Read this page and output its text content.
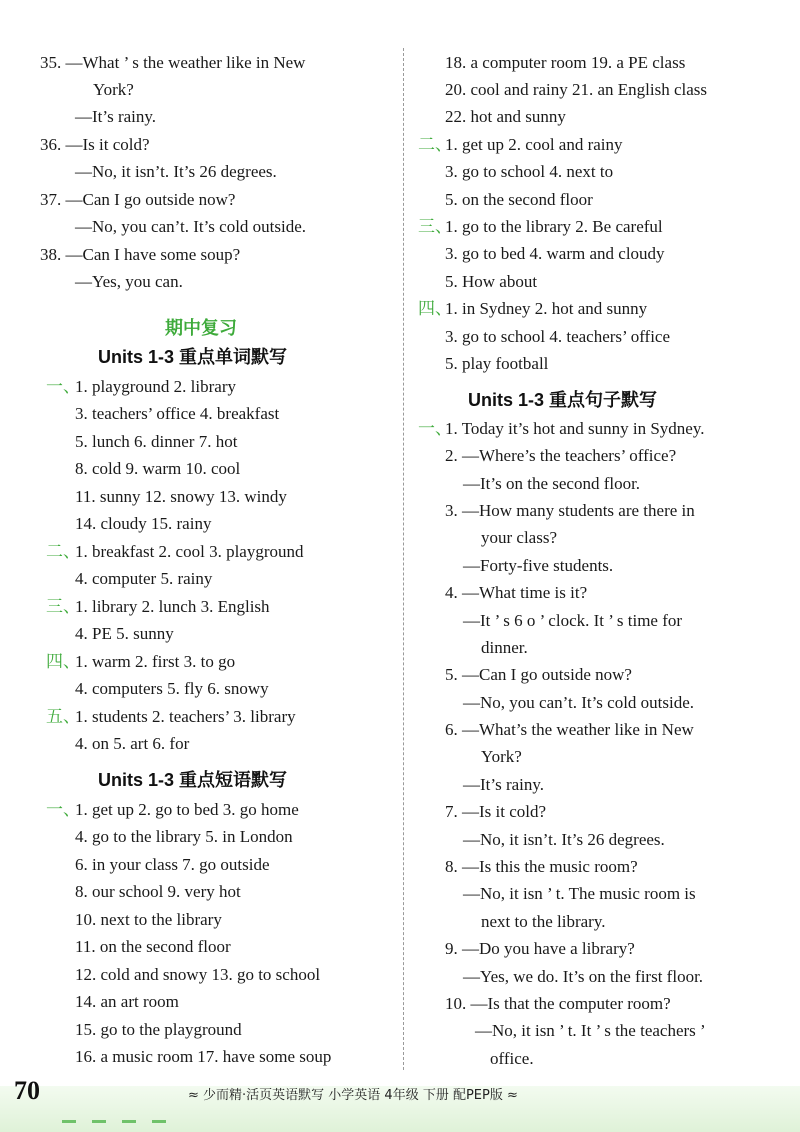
35. —What ’ s the weather like in New
York?
—It’s rainy.
36. —Is it cold?
—No, it isn’t. It’s 26 degrees.
37. —Can I go outside now?
—No, you can’t. It’s cold outside.
38. —Can I have some soup?
—Yes, you can.
期中复习
Units 1-3 重点单词默写
一、
1. playground 2. library
3. teachers’ office 4. breakfast
5. lunch 6. dinner 7. hot
8. cold 9. warm 10. cool
11. sunny 12. snowy 13. windy
14. cloudy 15. rainy
二、
1. breakfast 2. cool 3. playground
4. computer 5. rainy
三、
1. library 2. lunch 3. English
4. PE 5. sunny
四、
1. warm 2. first 3. to go
4. computers 5. fly 6. snowy
五、
1. students 2. teachers’ 3. library
4. on 5. art 6. for
Units 1-3 重点短语默写
一、
1. get up 2. go to bed 3. go home
4. go to the library 5. in London
6. in your class 7. go outside
8. our school 9. very hot
10. next to the library
11. on the second floor
12. cold and snowy 13. go to school
14. an art room
15. go to the playground
16. a music room 17. have some soup
18. a computer room 19. a PE class
20. cool and rainy 21. an English class
22. hot and sunny
二、
1. get up 2. cool and rainy
3. go to school 4. next to
5. on the second floor
三、
1. go to the library 2. Be careful
3. go to bed 4. warm and cloudy
5. How about
四、
1. in Sydney 2. hot and sunny
3. go to school 4. teachers’ office
5. play football
Units 1-3 重点句子默写
一、
1. Today it’s hot and sunny in Sydney.
2. —Where’s the teachers’ office?
—It’s on the second floor.
3. —How many students are there in
your class?
—Forty-five students.
4. —What time is it?
—It ’ s 6 o ’ clock. It ’ s time for
dinner.
5. —Can I go outside now?
—No, you can’t. It’s cold outside.
6. —What’s the weather like in New
York?
—It’s rainy.
7. —Is it cold?
—No, it isn’t. It’s 26 degrees.
8. —Is this the music room?
—No, it isn ’ t. The music room is
next to the library.
9. —Do you have a library?
—Yes, we do. It’s on the first floor.
10. —Is that the computer room?
—No, it isn ’ t. It ’ s the teachers ’
office.
70	≈ 少而精·活页英语默写 小学英语 4年级 下册 配PEP版 ≈
